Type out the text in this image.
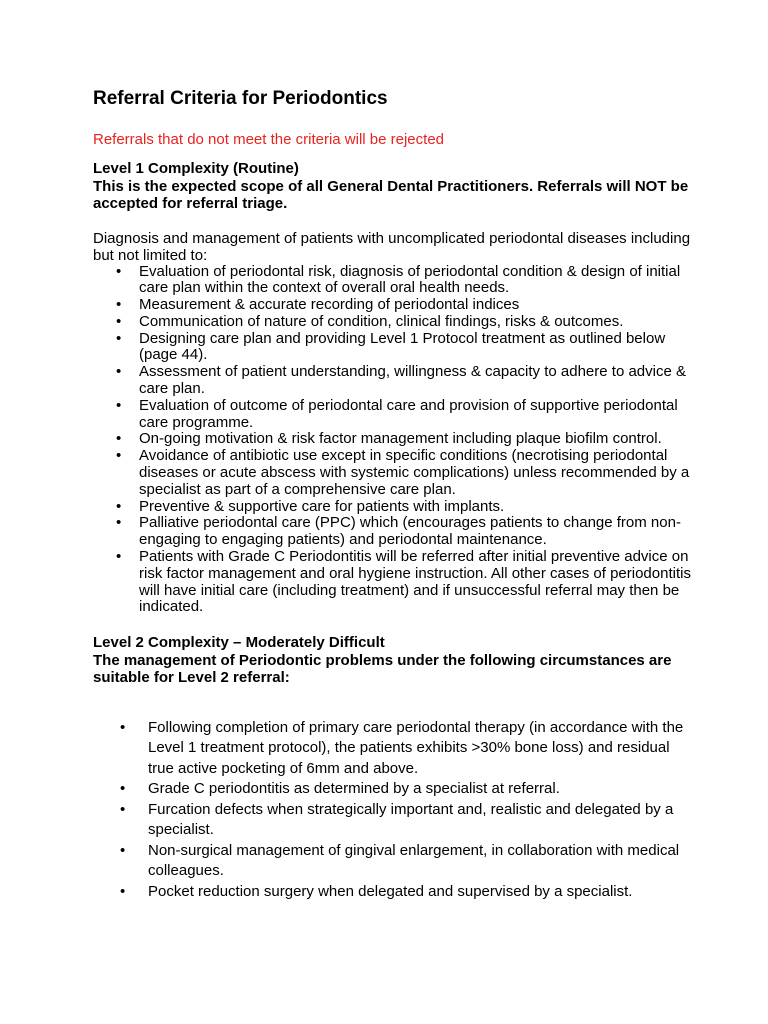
Referral Criteria for Periodontics

Referrals that do not meet the criteria will be rejected

Level 1 Complexity (Routine)

This is the expected scope of all General Dental Practitioners. Referrals will NOT be accepted for referral triage.

Diagnosis and management of patients with uncomplicated periodontal diseases including but not limited to:

• Evaluation of periodontal risk, diagnosis of periodontal condition & design of initial care plan within the context of overall oral health needs.
• Measurement & accurate recording of periodontal indices
• Communication of nature of condition, clinical findings, risks & outcomes.
• Designing care plan and providing Level 1 Protocol treatment as outlined below (page 44).
• Assessment of patient understanding, willingness & capacity to adhere to advice & care plan.
• Evaluation of outcome of periodontal care and provision of supportive periodontal care programme.
• On-going motivation & risk factor management including plaque biofilm control.
• Avoidance of antibiotic use except in specific conditions (necrotising periodontal diseases or acute abscess with systemic complications) unless recommended by a specialist as part of a comprehensive care plan.
• Preventive & supportive care for patients with implants.
• Palliative periodontal care (PPC) which (encourages patients to change from non-engaging to engaging patients) and periodontal maintenance.
• Patients with Grade C Periodontitis will be referred after initial preventive advice on risk factor management and oral hygiene instruction. All other cases of periodontitis will have initial care (including treatment) and if unsuccessful referral may then be indicated.

Level 2 Complexity – Moderately Difficult

The management of Periodontic problems under the following circumstances are suitable for Level 2 referral:

• Following completion of primary care periodontal therapy (in accordance with the Level 1 treatment protocol), the patients exhibits >30% bone loss) and residual true active pocketing of 6mm and above.
• Grade C periodontitis as determined by a specialist at referral.
• Furcation defects when strategically important and, realistic and delegated by a specialist.
• Non-surgical management of gingival enlargement, in collaboration with medical colleagues.
• Pocket reduction surgery when delegated and supervised by a specialist.
